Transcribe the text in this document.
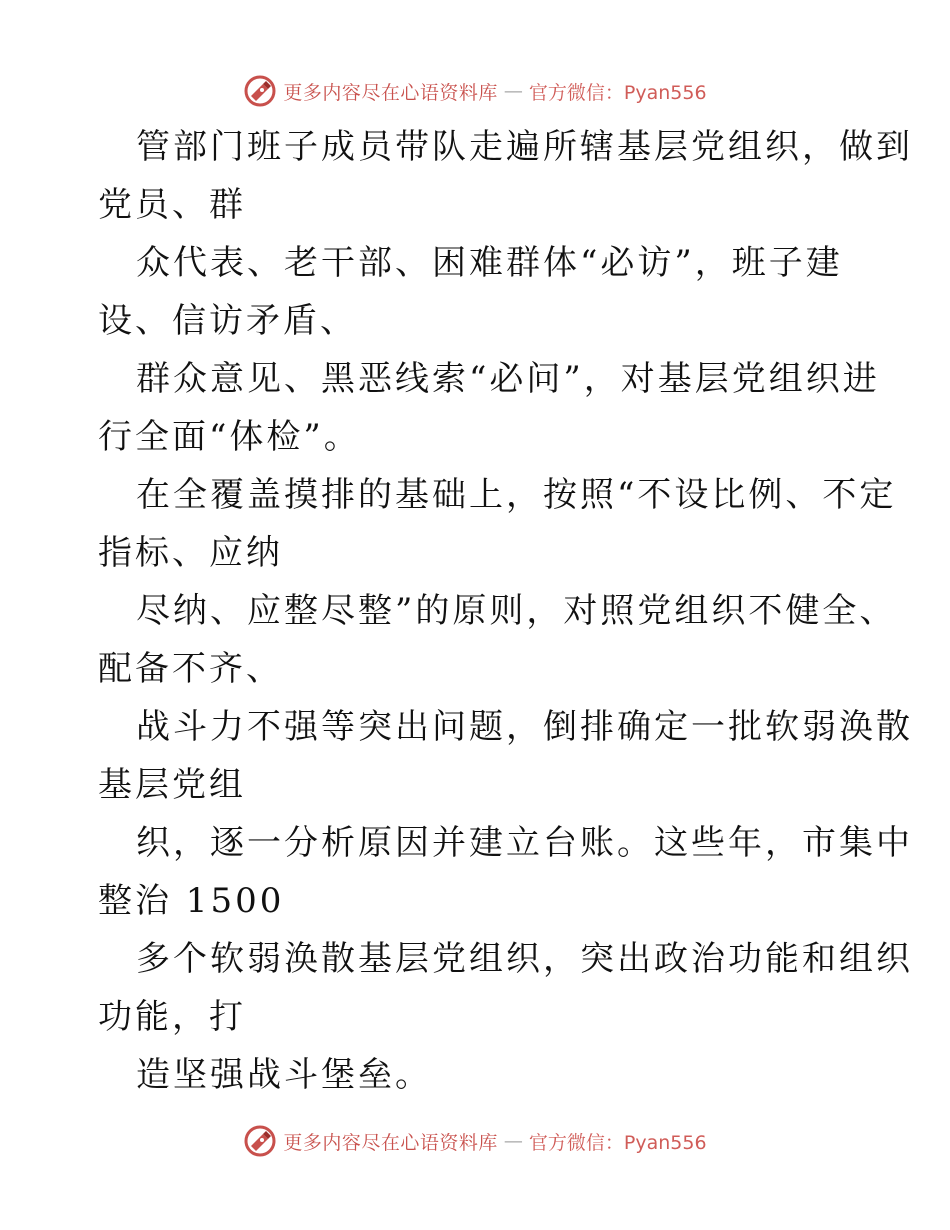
更多内容尽在心语资料库 — 官方微信：Pyan556
管部门班子成员带队走遍所辖基层党组织，做到
党员、群
众代表、老干部、困难群体“必访”，班子建
设、信访矛盾、
群众意见、黑恶线索“必问”，对基层党组织进
行全面“体检”。
在全覆盖摸排的基础上，按照“不设比例、不定
指标、应纳
尽纳、应整尽整”的原则，对照党组织不健全、
配备不齐、
战斗力不强等突出问题，倒排确定一批软弱涣散
基层党组
织，逐一分析原因并建立台账。这些年，市集中
整治 1500
多个软弱涣散基层党组织，突出政治功能和组织
功能，打
造坚强战斗堡垒。
更多内容尽在心语资料库 — 官方微信：Pyan556
